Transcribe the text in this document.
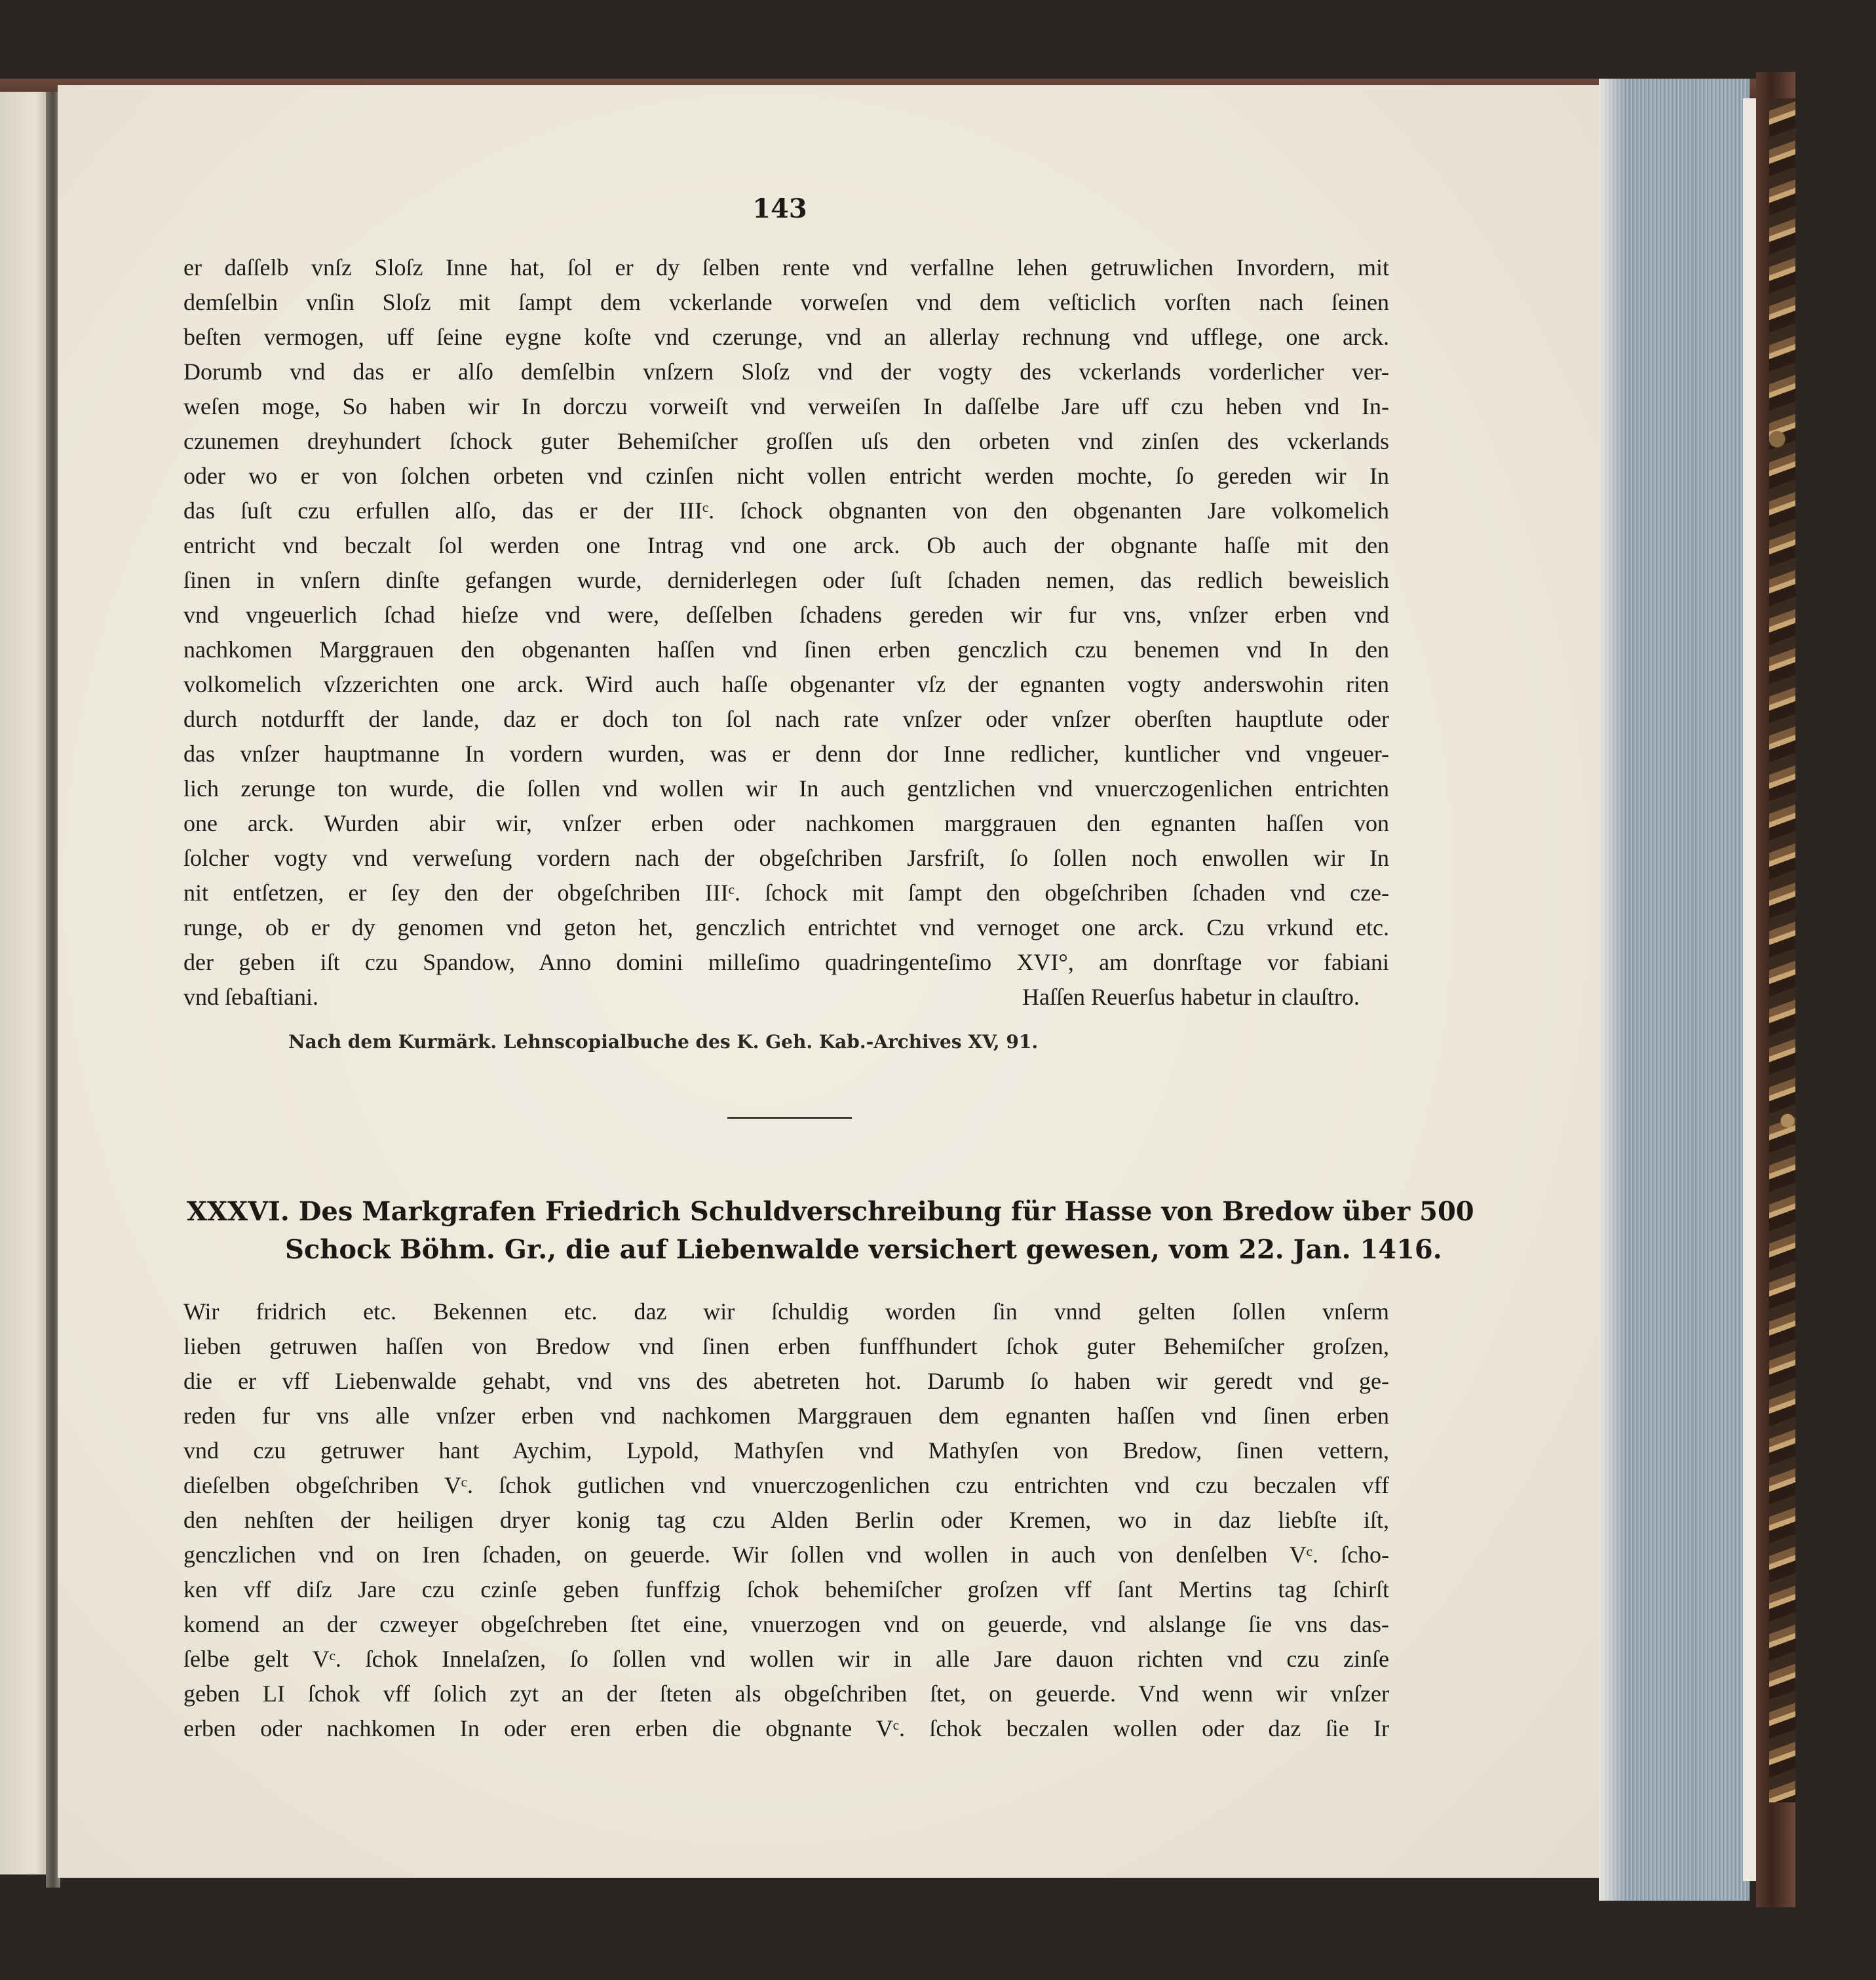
143
er daſſelb vnſz Sloſz Inne hat, ſol er dy ſelben rente vnd verfallne lehen getruwlichen Invordern, mit
demſelbin vnſin Sloſz mit ſampt dem vckerlande vorweſen vnd dem veſticlich vorſten nach ſeinen
beſten vermogen, uff ſeine eygne koſte vnd czerunge, vnd an allerlay rechnung vnd ufflege, one arck.
Dorumb vnd das er alſo demſelbin vnſzern Sloſz vnd der vogty des vckerlands vorderlicher ver-
weſen moge, So haben wir In dorczu vorweiſt vnd verweiſen In daſſelbe Jare uff czu heben vnd In-
czunemen dreyhundert ſchock guter Behemiſcher groſſen uſs den orbeten vnd zinſen des vckerlands
oder wo er von ſolchen orbeten vnd czinſen nicht vollen entricht werden mochte, ſo gereden wir In
das ſuſt czu erfullen alſo, das er der IIIᶜ. ſchock obgnanten von den obgenanten Jare volkomelich
entricht vnd beczalt ſol werden one Intrag vnd one arck. Ob auch der obgnante haſſe mit den
ſinen in vnſern dinſte gefangen wurde, derniderlegen oder ſuſt ſchaden nemen, das redlich beweislich
vnd vngeuerlich ſchad hieſze vnd were, deſſelben ſchadens gereden wir fur vns, vnſzer erben vnd
nachkomen Marggrauen den obgenanten haſſen vnd ſinen erben genczlich czu benemen vnd In den
volkomelich vſzzerichten one arck. Wird auch haſſe obgenanter vſz der egnanten vogty anderswohin riten
durch notdurfft der lande, daz er doch ton ſol nach rate vnſzer oder vnſzer oberſten hauptlute oder
das vnſzer hauptmanne In vordern wurden, was er denn dor Inne redlicher, kuntlicher vnd vngeuer-
lich zerunge ton wurde, die ſollen vnd wollen wir In auch gentzlichen vnd vnuerczogenlichen entrichten
one arck. Wurden abir wir, vnſzer erben oder nachkomen marggrauen den egnanten haſſen von
ſolcher vogty vnd verweſung vordern nach der obgeſchriben Jarsfriſt, ſo ſollen noch enwollen wir In
nit entſetzen, er ſey den der obgeſchriben IIIᶜ. ſchock mit ſampt den obgeſchriben ſchaden vnd cze-
runge, ob er dy genomen vnd geton het, genczlich entrichtet vnd vernoget one arck. Czu vrkund etc.
der geben iſt czu Spandow, Anno domini milleſimo quadringenteſimo XVI°, am donrſtage vor fabiani
vnd ſebaſtiani.	Haſſen Reuerſus habetur in clauſtro.
Nach dem Kurmärk. Lehnscopialbuche des K. Geh. Kab.-Archives XV, 91.
XXXVI. Des Markgrafen Friedrich Schuldverschreibung für Hasse von Bredow über 500
Schock Böhm. Gr., die auf Liebenwalde versichert gewesen, vom 22. Jan. 1416.
Wir fridrich etc. Bekennen etc. daz wir ſchuldig worden ſin vnnd gelten ſollen vnſerm
lieben getruwen haſſen von Bredow vnd ſinen erben funffhundert ſchok guter Behemiſcher groſzen,
die er vff Liebenwalde gehabt, vnd vns des abetreten hot. Darumb ſo haben wir geredt vnd ge-
reden fur vns alle vnſzer erben vnd nachkomen Marggrauen dem egnanten haſſen vnd ſinen erben
vnd czu getruwer hant Aychim, Lypold, Mathyſen vnd Mathyſen von Bredow, ſinen vettern,
dieſelben obgeſchriben Vᶜ. ſchok gutlichen vnd vnuerczogenlichen czu entrichten vnd czu beczalen vff
den nehſten der heiligen dryer konig tag czu Alden Berlin oder Kremen, wo in daz liebſte iſt,
genczlichen vnd on Iren ſchaden, on geuerde. Wir ſollen vnd wollen in auch von denſelben Vᶜ. ſcho-
ken vff diſz Jare czu czinſe geben funffzig ſchok behemiſcher groſzen vff ſant Mertins tag ſchirſt
komend an der czweyer obgeſchreben ſtet eine, vnuerzogen vnd on geuerde, vnd alslange ſie vns das-
ſelbe gelt Vᶜ. ſchok Innelaſzen, ſo ſollen vnd wollen wir in alle Jare dauon richten vnd czu zinſe
geben LI ſchok vff ſolich zyt an der ſteten als obgeſchriben ſtet, on geuerde. Vnd wenn wir vnſzer
erben oder nachkomen In oder eren erben die obgnante Vᶜ. ſchok beczalen wollen oder daz ſie Ir
